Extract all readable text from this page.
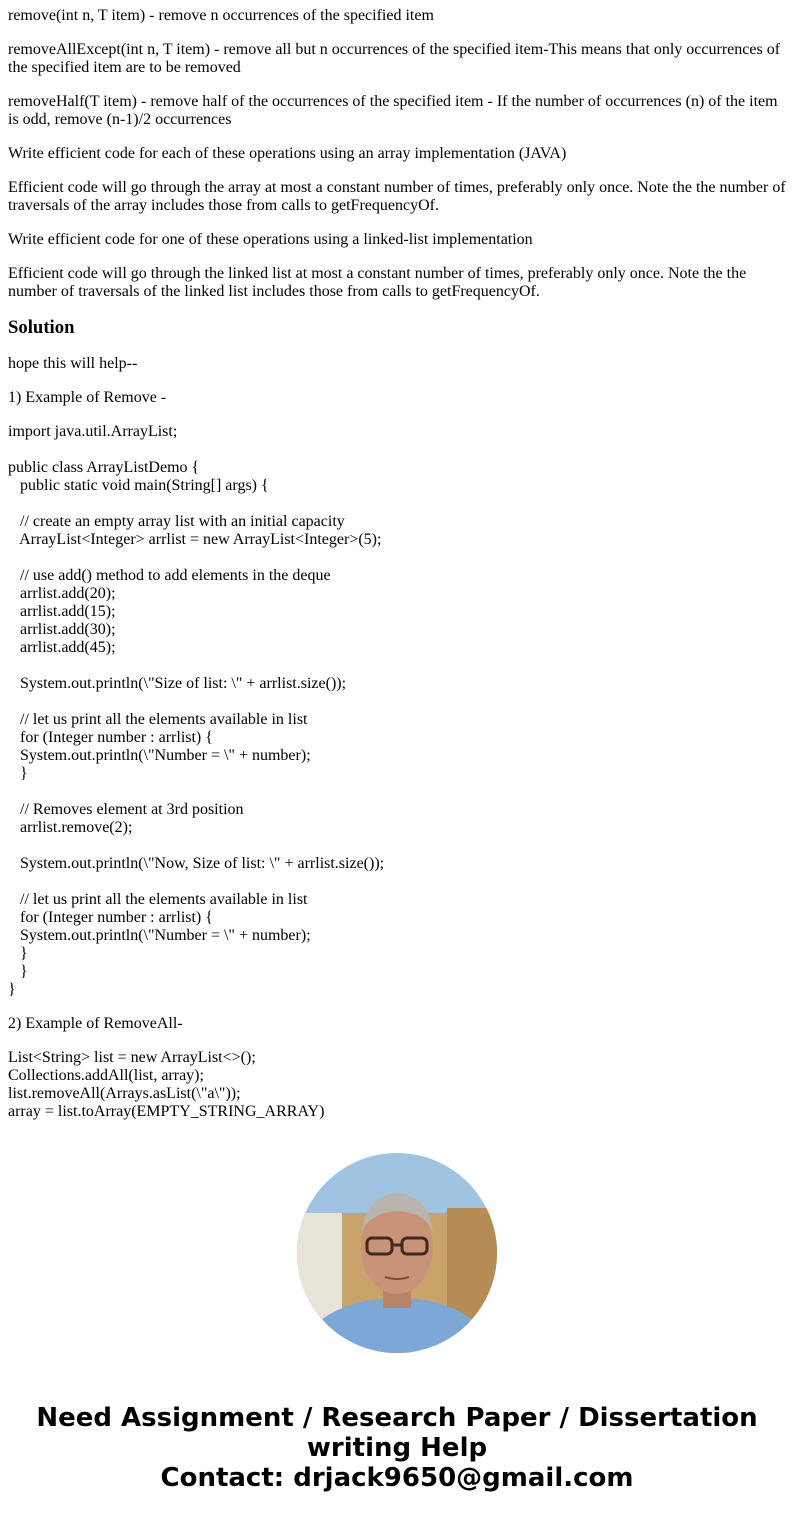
remove(int n, T item) - remove n occurrences of the specified item

removeAllExcept(int n, T item) - remove all but n occurrences of the specified item-This means that only occurrences of the specified item are to be removed

removeHalf(T item) - remove half of the occurrences of the specified item - If the number of occurrences (n) of the item is odd, remove (n-1)/2 occurrences

Write efficient code for each of these operations using an array implementation (JAVA)

Efficient code will go through the array at most a constant number of times, preferably only once. Note the the number of traversals of the array includes those from calls to getFrequencyOf.

Write efficient code for one of these operations using a linked-list implementation

Efficient code will go through the linked list at most a constant number of times, preferably only once. Note the the number of traversals of the linked list includes those from calls to getFrequencyOf.

Solution

hope this will help--

1) Example of Remove -

import java.util.ArrayList;
public class ArrayListDemo {
public static void main(String[] args) {
// create an empty array list with an initial capacity
ArrayList<Integer> arrlist = new ArrayList<Integer>(5);
// use add() method to add elements in the deque
arrlist.add(20);
arrlist.add(15);
arrlist.add(30);
arrlist.add(45);
System.out.println(\"Size of list: \" + arrlist.size());
// let us print all the elements available in list
for (Integer number : arrlist) {
System.out.println(\"Number = \" + number);
}
// Removes element at 3rd position
arrlist.remove(2);
System.out.println(\"Now, Size of list: \" + arrlist.size());
// let us print all the elements available in list
for (Integer number : arrlist) {
System.out.println(\"Number = \" + number);
}
}
}

2) Example of RemoveAll-

List<String> list = new ArrayList<>();
Collections.addAll(list, array);
list.removeAll(Arrays.asList(\"a\"));
array = list.toArray(EMPTY_STRING_ARRAY)
Need Assignment / Research Paper / Dissertation
writing Help
Contact: drjack9650@gmail.com
